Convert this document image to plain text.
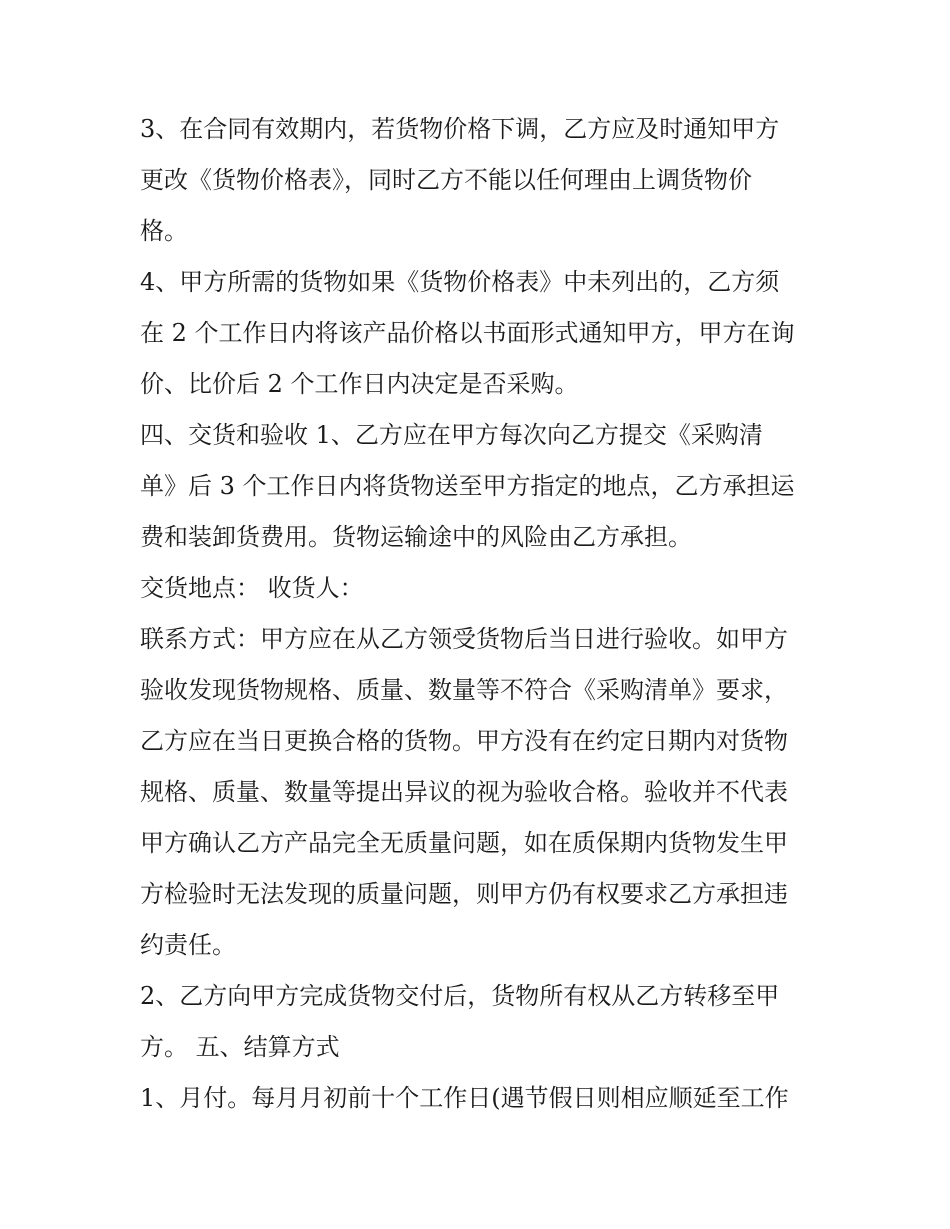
3、在合同有效期内，若货物价格下调，乙方应及时通知甲方
更改《货物价格表》，同时乙方不能以任何理由上调货物价
格。

4、甲方所需的货物如果《货物价格表》中未列出的，乙方须
在 2 个工作日内将该产品价格以书面形式通知甲方，甲方在询
价、比价后 2 个工作日内决定是否采购。

四、交货和验收 1、乙方应在甲方每次向乙方提交《采购清
单》后 3 个工作日内将货物送至甲方指定的地点，乙方承担运
费和装卸货费用。货物运输途中的风险由乙方承担。

交货地点： 收货人：

联系方式：甲方应在从乙方领受货物后当日进行验收。如甲方
验收发现货物规格、质量、数量等不符合《采购清单》要求，
乙方应在当日更换合格的货物。甲方没有在约定日期内对货物
规格、质量、数量等提出异议的视为验收合格。验收并不代表
甲方确认乙方产品完全无质量问题，如在质保期内货物发生甲
方检验时无法发现的质量问题，则甲方仍有权要求乙方承担违
约责任。

2、乙方向甲方完成货物交付后，货物所有权从乙方转移至甲
方。 五、结算方式

1、月付。每月月初前十个工作日(遇节假日则相应顺延至工作
